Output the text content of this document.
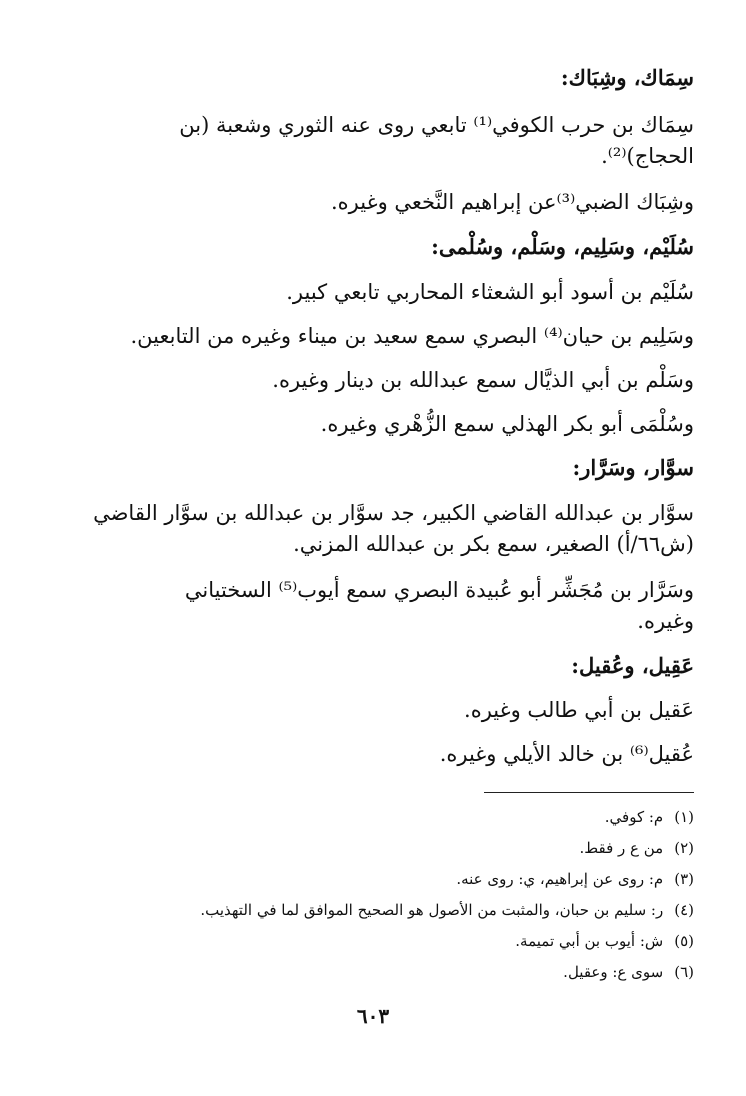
سِمَاك، وشِبَاك:
سِمَاك بن حرب الكوفي⁽¹⁾ تابعي روى عنه الثوري وشعبة (بن
الحجاج)⁽²⁾.
وشِبَاك الضبي⁽³⁾عن إبراهيم النَّخعي وغيره.
سُلَيْم، وسَلِيم، وسَلْم، وسُلْمى:
سُلَيْم بن أسود أبو الشعثاء المحاربي تابعي كبير.
وسَلِيم بن حيان⁽⁴⁾ البصري سمع سعيد بن ميناء وغيره من التابعين.
وسَلْم بن أبي الذيَّال سمع عبدالله بن دينار وغيره.
وسُلْمَى أبو بكر الهذلي سمع الزُّهْري وغيره.
سوَّار، وسَرَّار:
سوَّار بن عبدالله القاضي الكبير، جد سوَّار بن عبدالله بن سوَّار القاضي
(ش٦٦/أ) الصغير، سمع بكر بن عبدالله المزني.
وسَرَّار بن مُجَشِّر أبو عُبيدة البصري سمع أيوب⁽⁵⁾ السختياني
وغيره.
عَقِيل، وعُقيل:
عَقيل بن أبي طالب وغيره.
عُقيل⁽⁶⁾ بن خالد الأيلي وغيره.
(١) م: كوفي.
(٢) من ع ر فقط.
(٣) م: روى عن إبراهيم، ي: روى عنه.
(٤) ر: سليم بن حبان، والمثبت من الأصول هو الصحيح الموافق لما في التهذيب.
(٥) ش: أيوب بن أبي تميمة.
(٦) سوى ع: وعقيل.
٦٠٣
